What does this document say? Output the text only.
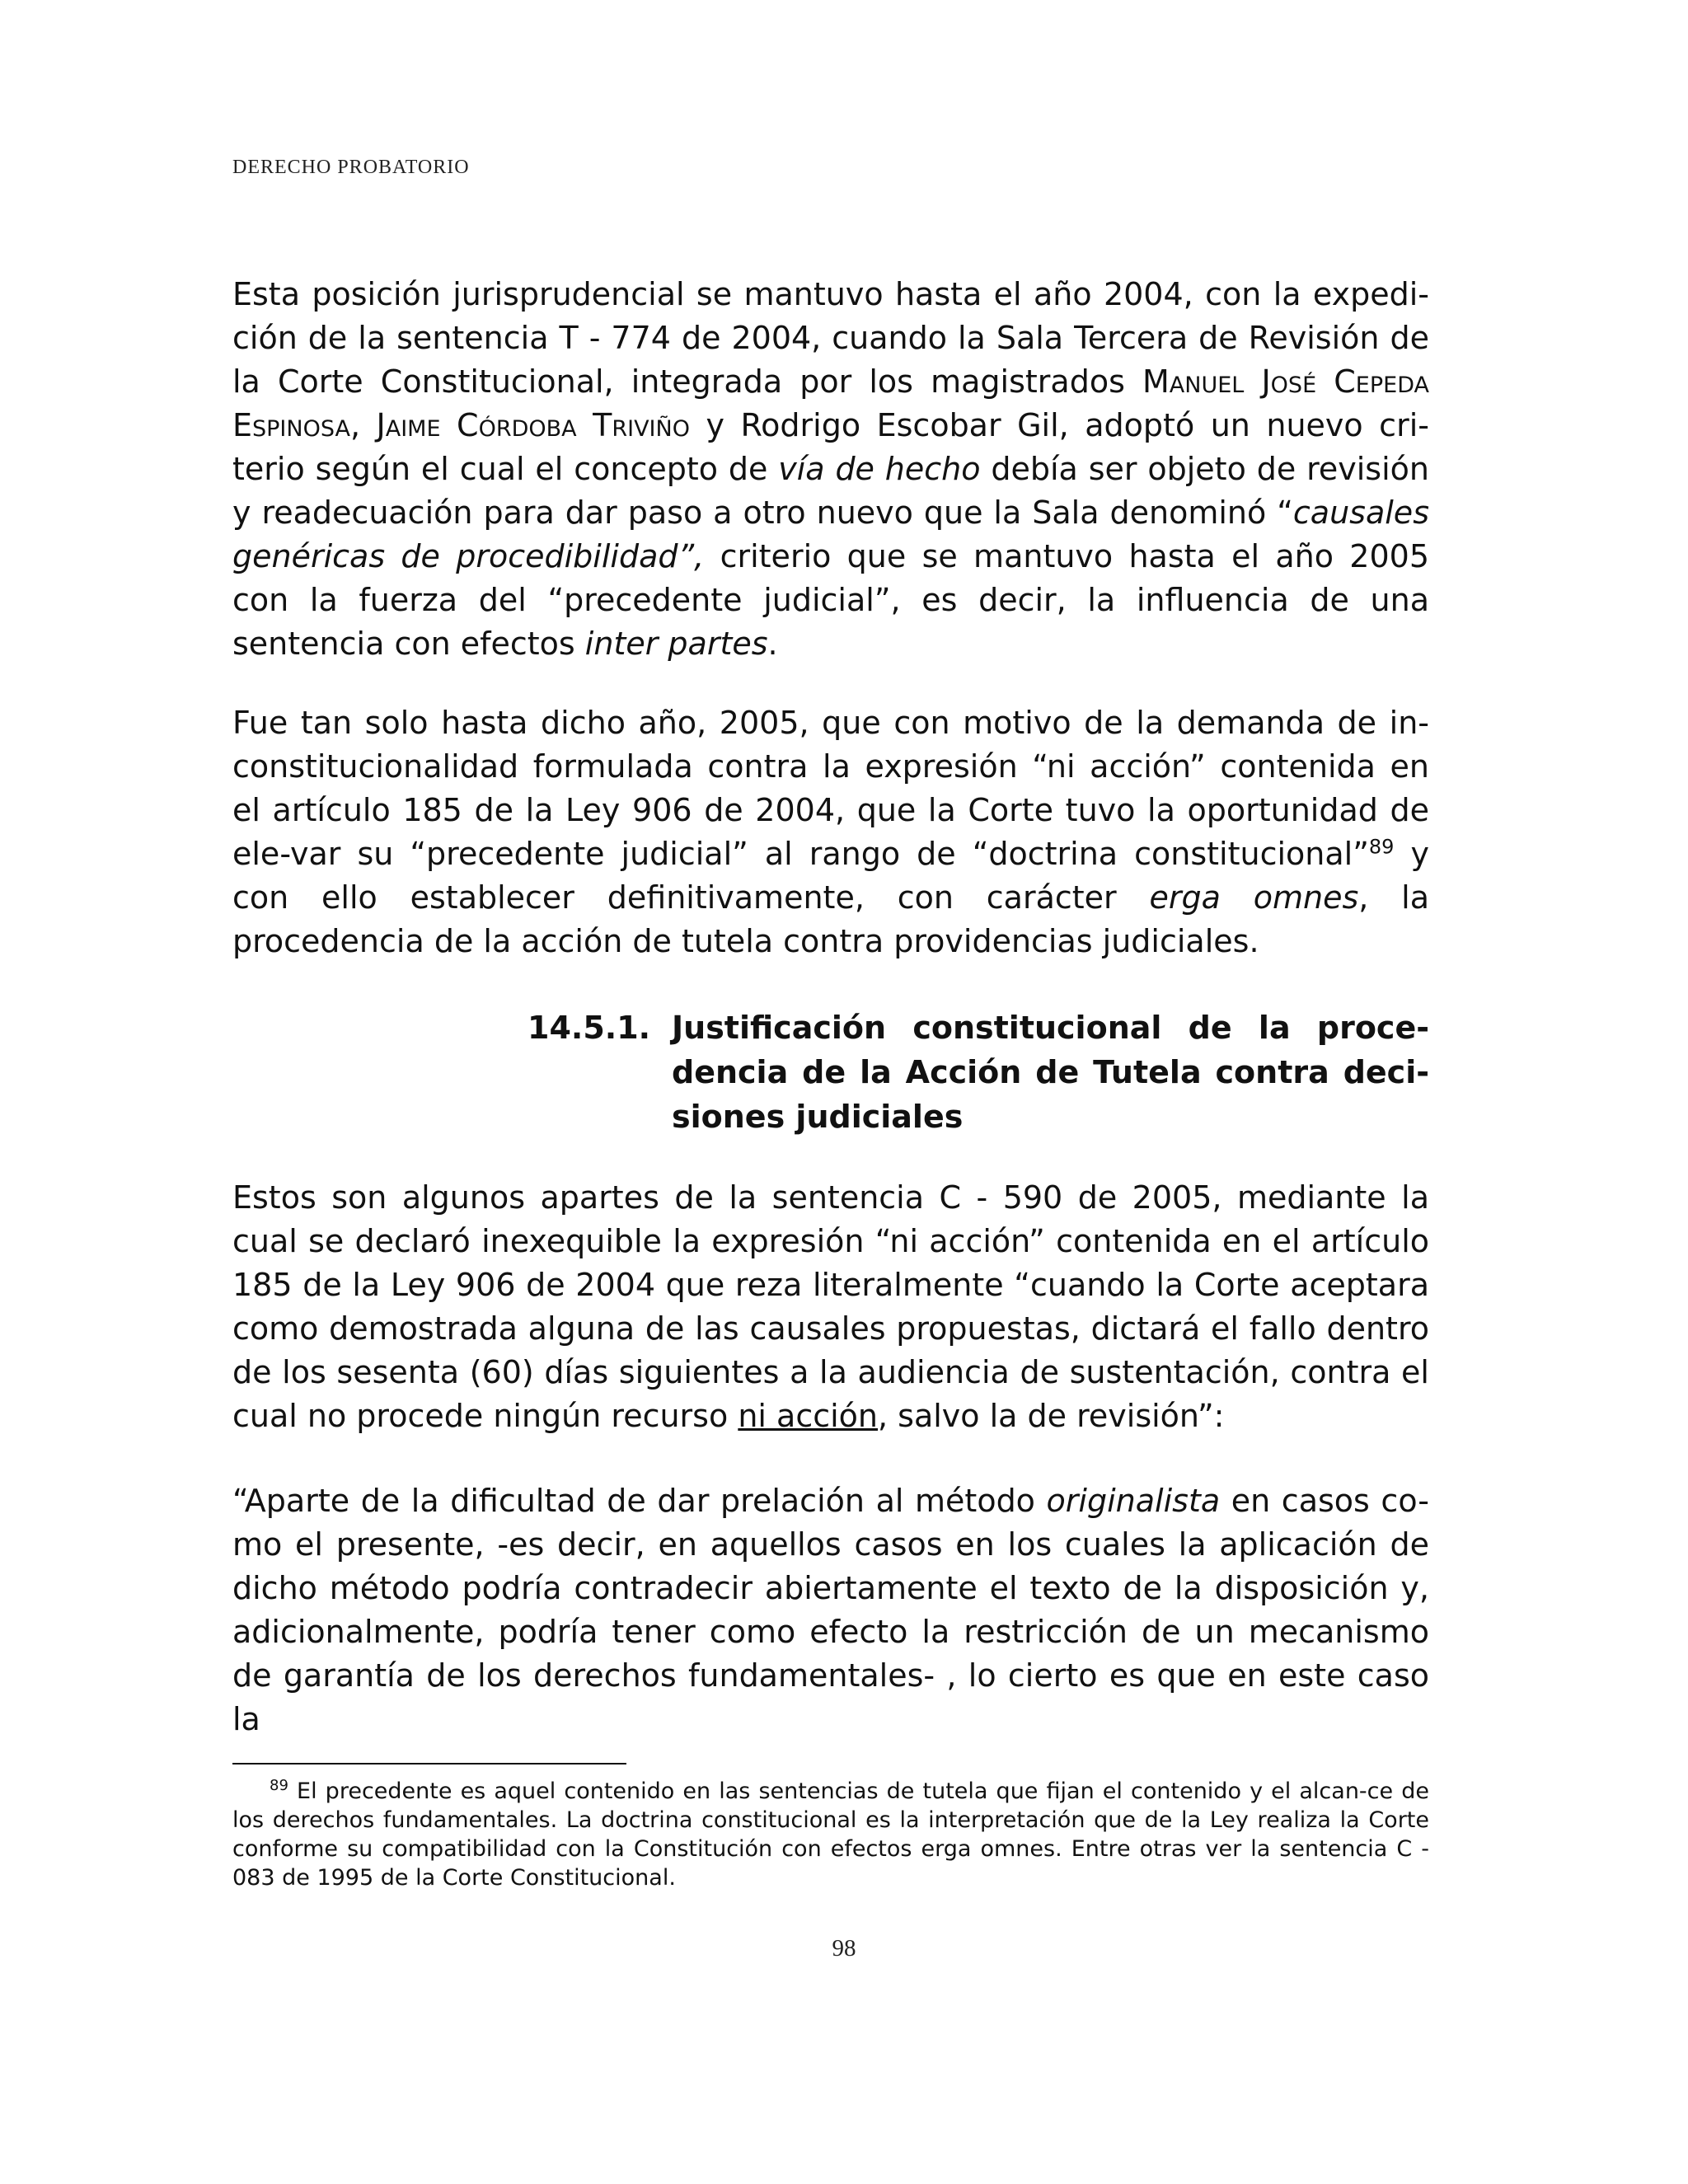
DERECHO PROBATORIO

Esta posición jurisprudencial se mantuvo hasta el año 2004, con la expedi-ción de la sentencia T - 774 de 2004, cuando la Sala Tercera de Revisión de la Corte Constitucional, integrada por los magistrados Manuel José Cepeda Espinosa, Jaime Córdoba Triviño y Rodrigo Escobar Gil, adoptó un nuevo cri-terio según el cual el concepto de vía de hecho debía ser objeto de revisión y readecuación para dar paso a otro nuevo que la Sala denominó “causales genéricas de procedibilidad”, criterio que se mantuvo hasta el año 2005 con la fuerza del “precedente judicial”, es decir, la influencia de una sentencia con efectos inter partes.

Fue tan solo hasta dicho año, 2005, que con motivo de la demanda de in-constitucionalidad formulada contra la expresión “ni acción” contenida en el artículo 185 de la Ley 906 de 2004, que la Corte tuvo la oportunidad de ele-var su “precedente judicial” al rango de “doctrina constitucional”$^{89}$ y con ello establecer definitivamente, con carácter erga omnes, la procedencia de la acción de tutela contra providencias judiciales.

14.5.1. Justificación constitucional de la proce-dencia de la Acción de Tutela contra deci-siones judiciales

Estos son algunos apartes de la sentencia C - 590 de 2005, mediante la cual se declaró inexequible la expresión “ni acción” contenida en el artículo 185 de la Ley 906 de 2004 que reza literalmente “cuando la Corte aceptara como demostrada alguna de las causales propuestas, dictará el fallo dentro de los sesenta (60) días siguientes a la audiencia de sustentación, contra el cual no procede ningún recurso ni acción, salvo la de revisión”:

“Aparte de la dificultad de dar prelación al método originalista en casos co-mo el presente, -es decir, en aquellos casos en los cuales la aplicación de dicho método podría contradecir abiertamente el texto de la disposición y, adicionalmente, podría tener como efecto la restricción de un mecanismo de garantía de los derechos fundamentales- , lo cierto es que en este caso la

$^{89}$ El precedente es aquel contenido en las sentencias de tutela que fijan el contenido y el alcan-ce de los derechos fundamentales. La doctrina constitucional es la interpretación que de la Ley realiza la Corte conforme su compatibilidad con la Constitución con efectos erga omnes. Entre otras ver la sentencia C - 083 de 1995 de la Corte Constitucional.

98
